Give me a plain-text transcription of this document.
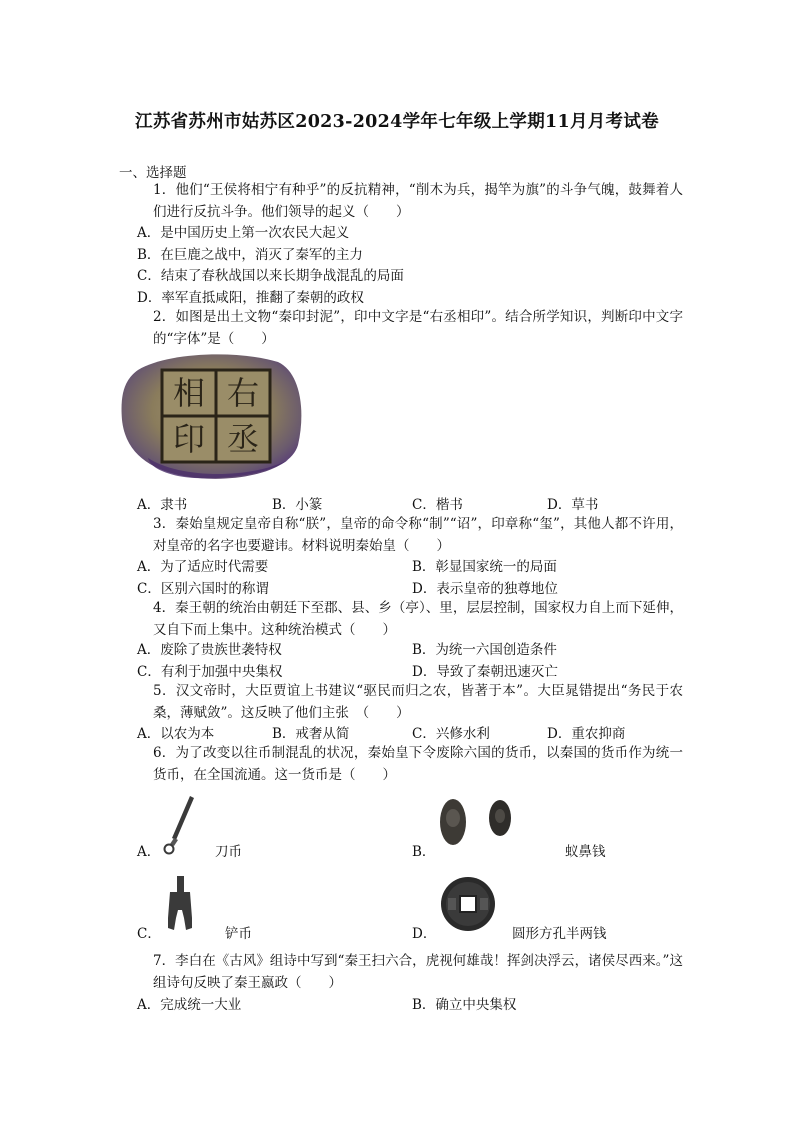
江苏省苏州市姑苏区2023-2024学年七年级上学期11月月考试卷
一、选择题
1．他们“王侯将相宁有种乎”的反抗精神，“削木为兵，揭竿为旗”的斗争气魄，鼓舞着人们进行反抗斗争。他们领导的起义（　　）
A．是中国历史上第一次农民大起义
B．在巨鹿之战中，消灭了秦军的主力
C．结束了春秋战国以来长期争战混乱的局面
D．率军直抵咸阳，推翻了秦朝的政权
2．如图是出土文物“秦印封泥”，印中文字是“右丞相印”。结合所学知识，判断印中文字的“字体”是（　　）
右
丞
相
印
A．隶书	B．小篆	C．楷书	D．草书
3．秦始皇规定皇帝自称“朕”，皇帝的命令称“制”“诏”，印章称“玺”，其他人都不许用，对皇帝的名字也要避讳。材料说明秦始皇（　　）
A．为了适应时代需要	B．彰显国家统一的局面
C．区别六国时的称谓	D．表示皇帝的独尊地位
4．秦王朝的统治由朝廷下至郡、县、乡（亭）、里，层层控制，国家权力自上而下延伸，又自下而上集中。这种统治模式（　　）
A．废除了贵族世袭特权	B．为统一六国创造条件
C．有利于加强中央集权	D．导致了秦朝迅速灭亡
5．汉文帝时，大臣贾谊上书建议“驱民而归之农，皆著于本”。大臣晁错提出“务民于农桑，薄赋敛”。这反映了他们主张　（　　）
A．以农为本	B．戒奢从简	C．兴修水利	D．重农抑商
6．为了改变以往币制混乱的状况，秦始皇下令废除六国的货币，以秦国的货币作为统一货币，在全国流通。这一货币是（　　）
A．	刀币	B．	蚁鼻钱
C．	铲币	D．	圆形方孔半两钱
7．李白在《古风》组诗中写到“秦王扫六合，虎视何雄哉！挥剑决浮云，诸侯尽西来。”这组诗句反映了秦王嬴政（　　）
A．完成统一大业	B．确立中央集权
